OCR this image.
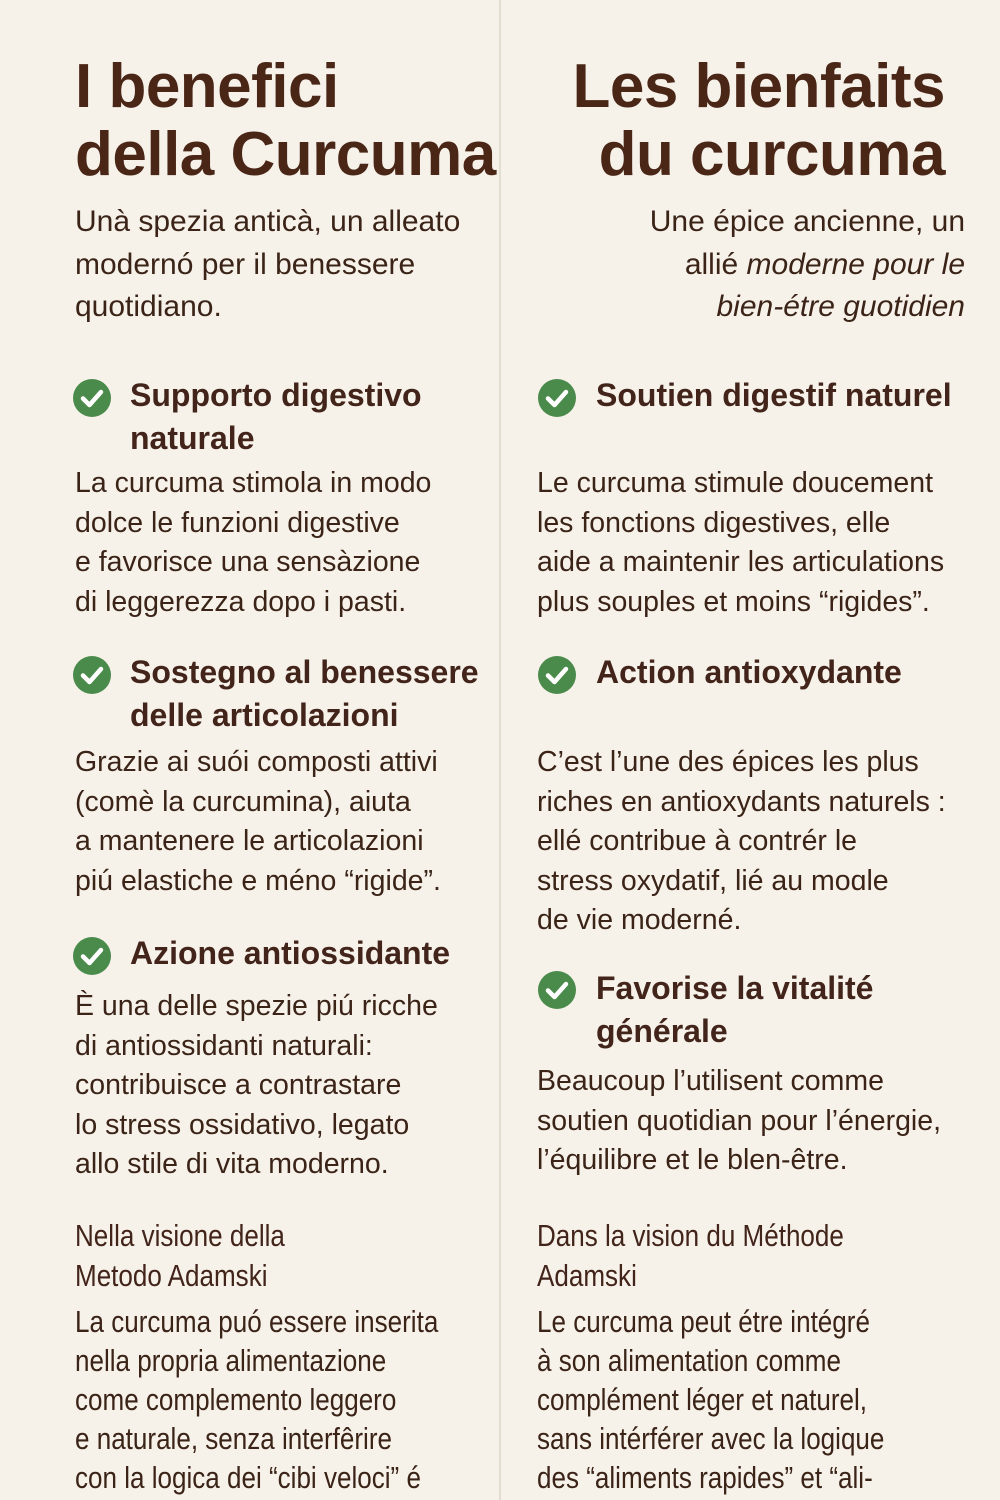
I benefici
della Curcuma
Unà spezia anticà, un alleato
modernó per il benessere
quotidiano.
Supporto digestivo
naturale
La curcuma stimola in modo
dolce le funzioni digestive
e favorisce una sensàzione
di leggerezza dopo i pasti.
Sostegno al benessere
delle articolazioni
Grazie ai suói composti attivi
(comè la curcumina), aiuta
a mantenere le articolazioni
piú elastiche e méno “rigide”.
Azione antiossidante
È una delle spezie piú ricche
di antiossidanti naturali:
contribuisce a contrastare
lo stress ossidativo, legato
allo stile di vita moderno.
Nella visione della
Metodo Adamski
La curcuma puó essere inserita
nella propria alimentazione
come complemento leggero
e naturale, senza interfêrire
con la logica dei “cibi veloci” é
Les bienfaits
du curcuma
Une épice ancienne, un
allié moderne pour le
bien-étre guotidien
Soutien digestif naturel
Le curcuma stimule doucement
les fonctions digestives, elle
aide a maintenir les articulations
plus souples et moins “rigides”.
Action antioxydante
C’est l’une des épices les plus
riches en antioxydants naturels :
ellé contribue à contrér le
stress oxydatif, lié au moɑle
de vie moderné.
Favorise la vitalité
générale
Beaucoup l’utilisent comme
soutien quotidian pour l’énergie,
l’équilibre et le blen-être.
Dans la vision du Méthode
Adamski
Le curcuma peut étre intégré
à son alimentation comme
complément léger et naturel,
sans intérférer avec la logique
des “aliments rapides” et “ali-
